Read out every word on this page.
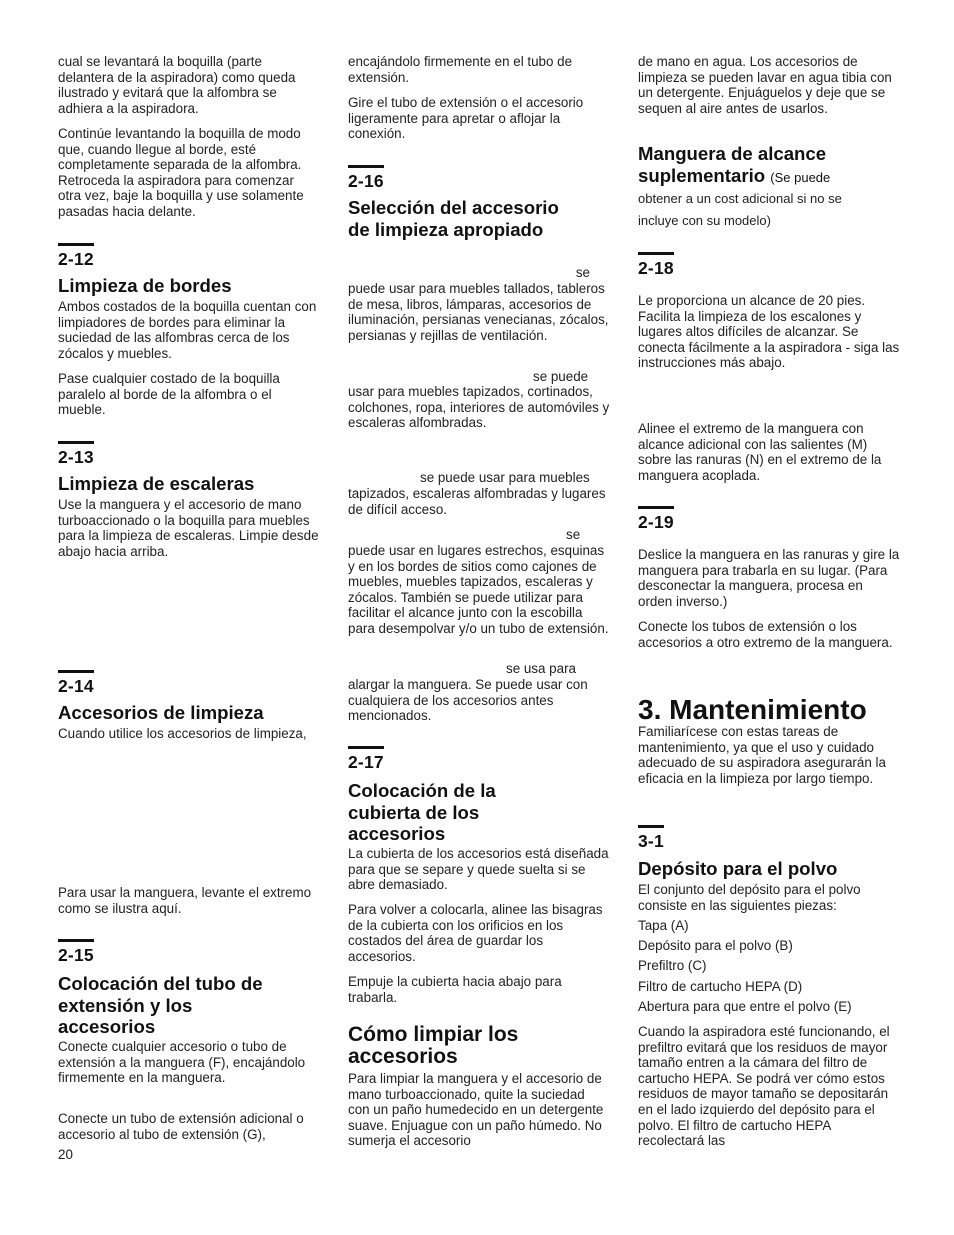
cual se levantará la boquilla (parte delantera de la aspiradora) como queda ilustrado y evitará que la alfombra se adhiera a la aspiradora.

Continúe levantando la boquilla de modo que, cuando llegue al borde, esté completamente separada de la alfombra. Retroceda la aspiradora para comenzar otra vez, baje la boquilla y use solamente pasadas hacia delante.

2-12
Limpieza de bordes

Ambos costados de la boquilla cuentan con limpiadores de bordes para eliminar la suciedad de las alfombras cerca de los zócalos y muebles.

Pase cualquier costado de la boquilla paralelo al borde de la alfombra o el mueble.

2-13
Limpieza de escaleras

Use la manguera y el accesorio de mano turboaccionado o la boquilla para muebles para la limpieza de escaleras. Limpie desde abajo hacia arriba.

2-14
Accesorios de limpieza

Cuando utilice los accesorios de limpieza,

Para usar la manguera, levante el extremo como se ilustra aquí.

2-15
Colocación del tubo de extensión y los accesorios

Conecte cualquier accesorio o tubo de extensión a la manguera (F), encajándolo firmemente en la manguera.

Conecte un tubo de extensión adicional o accesorio al tubo de extensión (G),

20

encajándolo firmemente en el tubo de extensión.

Gire el tubo de extensión o el accesorio ligeramente para apretar o aflojar la conexión.

2-16
Selección del accesorio de limpieza apropiado

se

puede usar para muebles tallados, tableros de mesa, libros, lámparas, accesorios de iluminación, persianas venecianas, zócalos, persianas y rejillas de ventilación.

se puede

usar para muebles tapizados, cortinados, colchones, ropa, interiores de automóviles y escaleras alfombradas.

se puede usar para muebles

tapizados, escaleras alfombradas y lugares de difícil acceso.

se

puede usar en lugares estrechos, esquinas y en los bordes de sitios como cajones de muebles, muebles tapizados, escaleras y zócalos. También se puede utilizar para facilitar el alcance junto con la escobilla para desempolvar y/o un tubo de extensión.

se usa para

alargar la manguera. Se puede usar con cualquiera de los accesorios antes mencionados.

2-17
Colocación de la cubierta de los accesorios

La cubierta de los accesorios está diseñada para que se separe y quede suelta si se abre demasiado.

Para volver a colocarla, alinee las bisagras de la cubierta con los orificios en los costados del área de guardar los accesorios.

Empuje la cubierta hacia abajo para trabarla.

Cómo limpiar los accesorios

Para limpiar la manguera y el accesorio de mano turboaccionado, quite la suciedad con un paño humedecido en un detergente suave. Enjuague con un paño húmedo. No sumerja el accesorio

de mano en agua. Los accesorios de limpieza se pueden lavar en agua tibia con un detergente. Enjuáguelos y deje que se sequen al aire antes de usarlos.

Manguera de alcance suplementario (Se puede

obtener a un cost adicional si no se

incluye con su modelo)

2-18

Le proporciona un alcance de 20 pies. Facilita la limpieza de los escalones y lugares altos difíciles de alcanzar. Se conecta fácilmente a la aspiradora - siga las instrucciones más abajo.

Alinee el extremo de la manguera con alcance adicional con las salientes (M) sobre las ranuras (N) en el extremo de la manguera acoplada.

2-19

Deslice la manguera en las ranuras y gire la manguera para trabarla en su lugar. (Para desconectar la manguera, procesa en orden inverso.)

Conecte los tubos de extensión o los accesorios a otro extremo de la manguera.

3. Mantenimiento

Familiarícese con estas tareas de mantenimiento, ya que el uso y cuidado adecuado de su aspiradora asegurarán la eficacia en la limpieza por largo tiempo.

3-1
Depósito para el polvo

El conjunto del depósito para el polvo consiste en las siguientes piezas:

Tapa (A)

Depósito para el polvo (B)

Prefiltro (C)

Filtro de cartucho HEPA (D)

Abertura para que entre el polvo (E)

Cuando la aspiradora esté funcionando, el prefiltro evitará que los residuos de mayor tamaño entren a la cámara del filtro de cartucho HEPA. Se podrá ver cómo estos residuos de mayor tamaño se depositarán en el lado izquierdo del depósito para el polvo. El filtro de cartucho HEPA recolectará las
